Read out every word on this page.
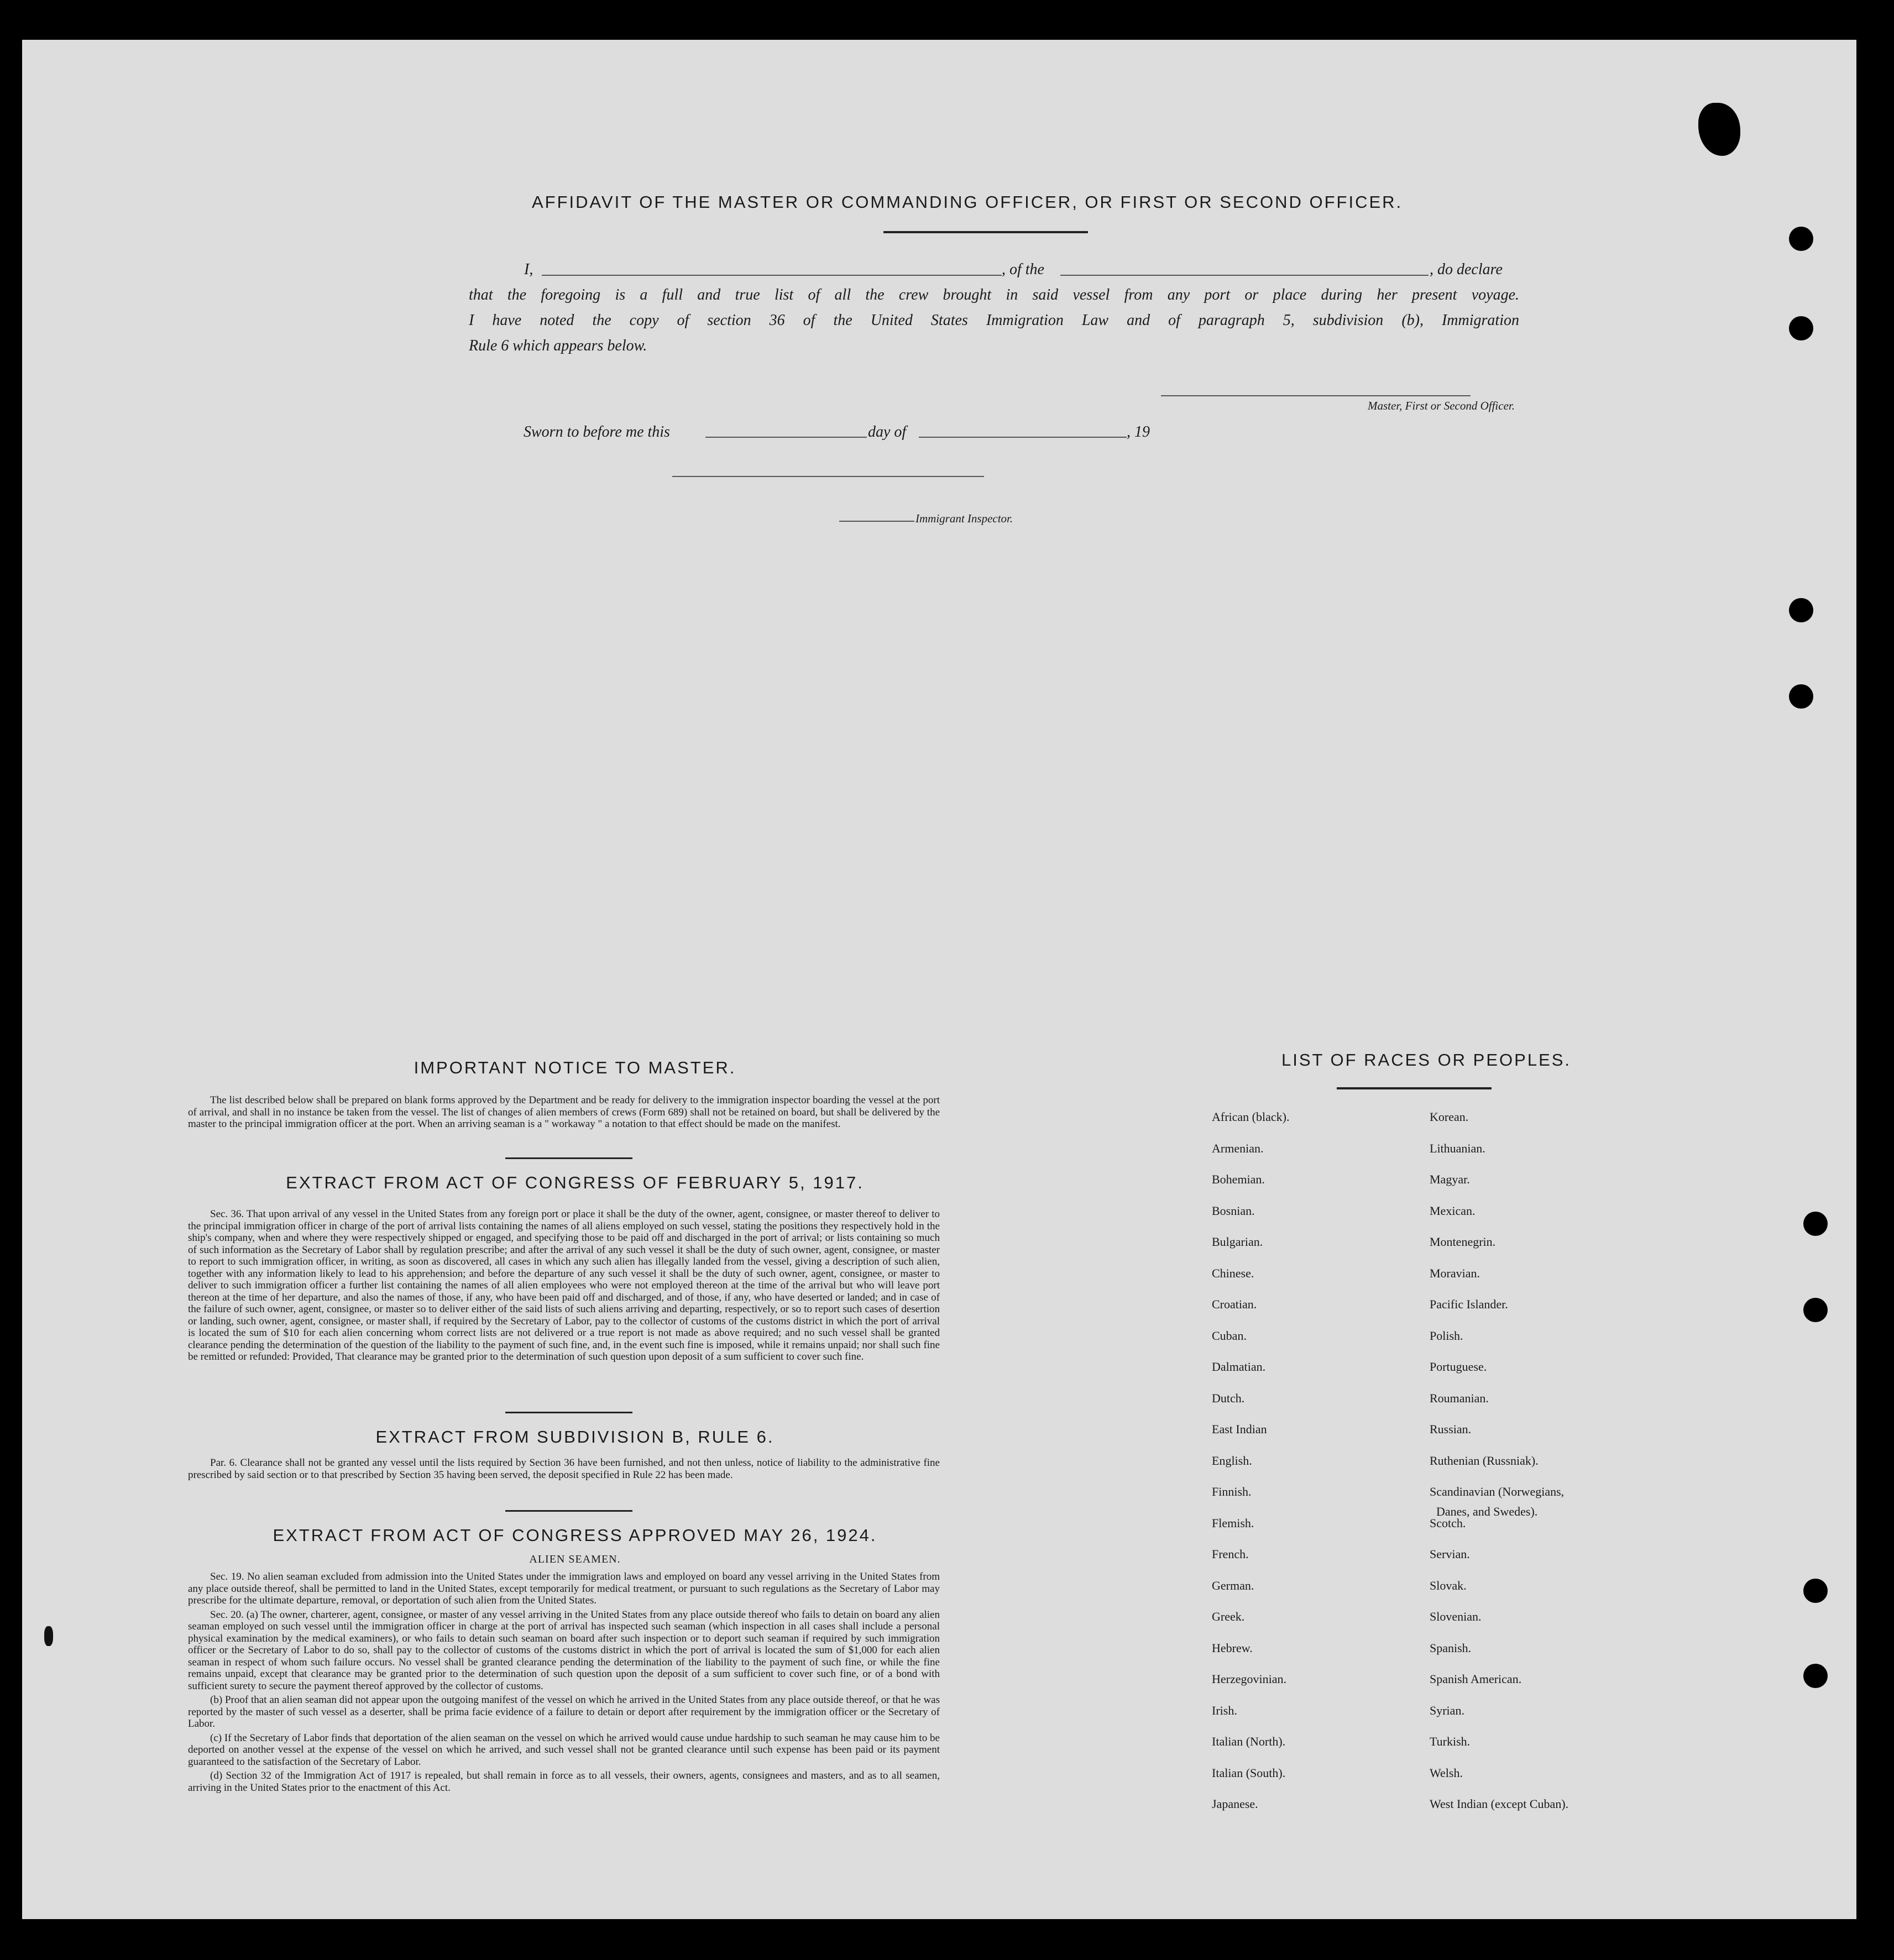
AFFIDAVIT OF THE MASTER OR COMMANDING OFFICER, OR FIRST OR SECOND OFFICER.
I,	, of the	, do declare
that the foregoing is a full and true list of all the crew brought in said vessel from any port or place during her present voyage.
I have noted the copy of section 36 of the United States Immigration Law and of paragraph 5, subdivision (b), Immigration
Rule 6 which appears below.
Master, First or Second Officer.
Sworn to before me this	day of	, 19
Immigrant Inspector.
IMPORTANT NOTICE TO MASTER.

The list described below shall be prepared on blank forms approved by the Department and be ready for delivery to the immigration inspector boarding the vessel at the port of arrival, and shall in no instance be taken from the vessel. The list of changes of alien members of crews (Form 689) shall not be retained on board, but shall be delivered by the master to the principal immigration officer at the port. When an arriving seaman is a " workaway " a notation to that effect should be made on the manifest.

EXTRACT FROM ACT OF CONGRESS OF FEBRUARY 5, 1917.

Sec. 36. That upon arrival of any vessel in the United States from any foreign port or place it shall be the duty of the owner, agent, consignee, or master thereof to deliver to the principal immigration officer in charge of the port of arrival lists containing the names of all aliens employed on such vessel, stating the positions they respectively hold in the ship's company, when and where they were respectively shipped or engaged, and specifying those to be paid off and discharged in the port of arrival; or lists containing so much of such information as the Secretary of Labor shall by regulation prescribe; and after the arrival of any such vessel it shall be the duty of such owner, agent, consignee, or master to report to such immigration officer, in writing, as soon as discovered, all cases in which any such alien has illegally landed from the vessel, giving a description of such alien, together with any information likely to lead to his apprehension; and before the departure of any such vessel it shall be the duty of such owner, agent, consignee, or master to deliver to such immigration officer a further list containing the names of all alien employees who were not employed thereon at the time of the arrival but who will leave port thereon at the time of her departure, and also the names of those, if any, who have been paid off and discharged, and of those, if any, who have deserted or landed; and in case of the failure of such owner, agent, consignee, or master so to deliver either of the said lists of such aliens arriving and departing, respectively, or so to report such cases of desertion or landing, such owner, agent, consignee, or master shall, if required by the Secretary of Labor, pay to the collector of customs of the customs district in which the port of arrival is located the sum of $10 for each alien concerning whom correct lists are not delivered or a true report is not made as above required; and no such vessel shall be granted clearance pending the determination of the question of the liability to the payment of such fine, and, in the event such fine is imposed, while it remains unpaid; nor shall such fine be remitted or refunded: Provided, That clearance may be granted prior to the determination of such question upon deposit of a sum sufficient to cover such fine.

EXTRACT FROM SUBDIVISION B, RULE 6.

Par. 6. Clearance shall not be granted any vessel until the lists required by Section 36 have been furnished, and not then unless, notice of liability to the administrative fine prescribed by said section or to that prescribed by Section 35 having been served, the deposit specified in Rule 22 has been made.

EXTRACT FROM ACT OF CONGRESS APPROVED MAY 26, 1924.
ALIEN SEAMEN.

Sec. 19. No alien seaman excluded from admission into the United States under the immigration laws and employed on board any vessel arriving in the United States from any place outside thereof, shall be permitted to land in the United States, except temporarily for medical treatment, or pursuant to such regulations as the Secretary of Labor may prescribe for the ultimate departure, removal, or deportation of such alien from the United States.

Sec. 20. (a) The owner, charterer, agent, consignee, or master of any vessel arriving in the United States from any place outside thereof who fails to detain on board any alien seaman employed on such vessel until the immigration officer in charge at the port of arrival has inspected such seaman (which inspection in all cases shall include a personal physical examination by the medical examiners), or who fails to detain such seaman on board after such inspection or to deport such seaman if required by such immigration officer or the Secretary of Labor to do so, shall pay to the collector of customs of the customs district in which the port of arrival is located the sum of $1,000 for each alien seaman in respect of whom such failure occurs. No vessel shall be granted clearance pending the determination of the liability to the payment of such fine, or while the fine remains unpaid, except that clearance may be granted prior to the determination of such question upon the deposit of a sum sufficient to cover such fine, or of a bond with sufficient surety to secure the payment thereof approved by the collector of customs.

(b) Proof that an alien seaman did not appear upon the outgoing manifest of the vessel on which he arrived in the United States from any place outside thereof, or that he was reported by the master of such vessel as a deserter, shall be prima facie evidence of a failure to detain or deport after requirement by the immigration officer or the Secretary of Labor.

(c) If the Secretary of Labor finds that deportation of the alien seaman on the vessel on which he arrived would cause undue hardship to such seaman he may cause him to be deported on another vessel at the expense of the vessel on which he arrived, and such vessel shall not be granted clearance until such expense has been paid or its payment guaranteed to the satisfaction of the Secretary of Labor.

(d) Section 32 of the Immigration Act of 1917 is repealed, but shall remain in force as to all vessels, their owners, agents, consignees and masters, and as to all seamen, arriving in the United States prior to the enactment of this Act.

LIST OF RACES OR PEOPLES.
African (black).
Armenian.
Bohemian.
Bosnian.
Bulgarian.
Chinese.
Croatian.
Cuban.
Dalmatian.
Dutch.
East Indian
English.
Finnish.
Flemish.
French.
German.
Greek.
Hebrew.
Herzegovinian.
Irish.
Italian (North).
Italian (South).
Japanese.
Korean.
Lithuanian.
Magyar.
Mexican.
Montenegrin.
Moravian.
Pacific Islander.
Polish.
Portuguese.
Roumanian.
Russian.
Ruthenian (Russniak).
Scandinavian (Norwegians,
Scotch.
Servian.
Slovak.
Slovenian.
Spanish.
Spanish American.
Syrian.
Turkish.
Welsh.
West Indian (except Cuban).
Danes, and Swedes).
